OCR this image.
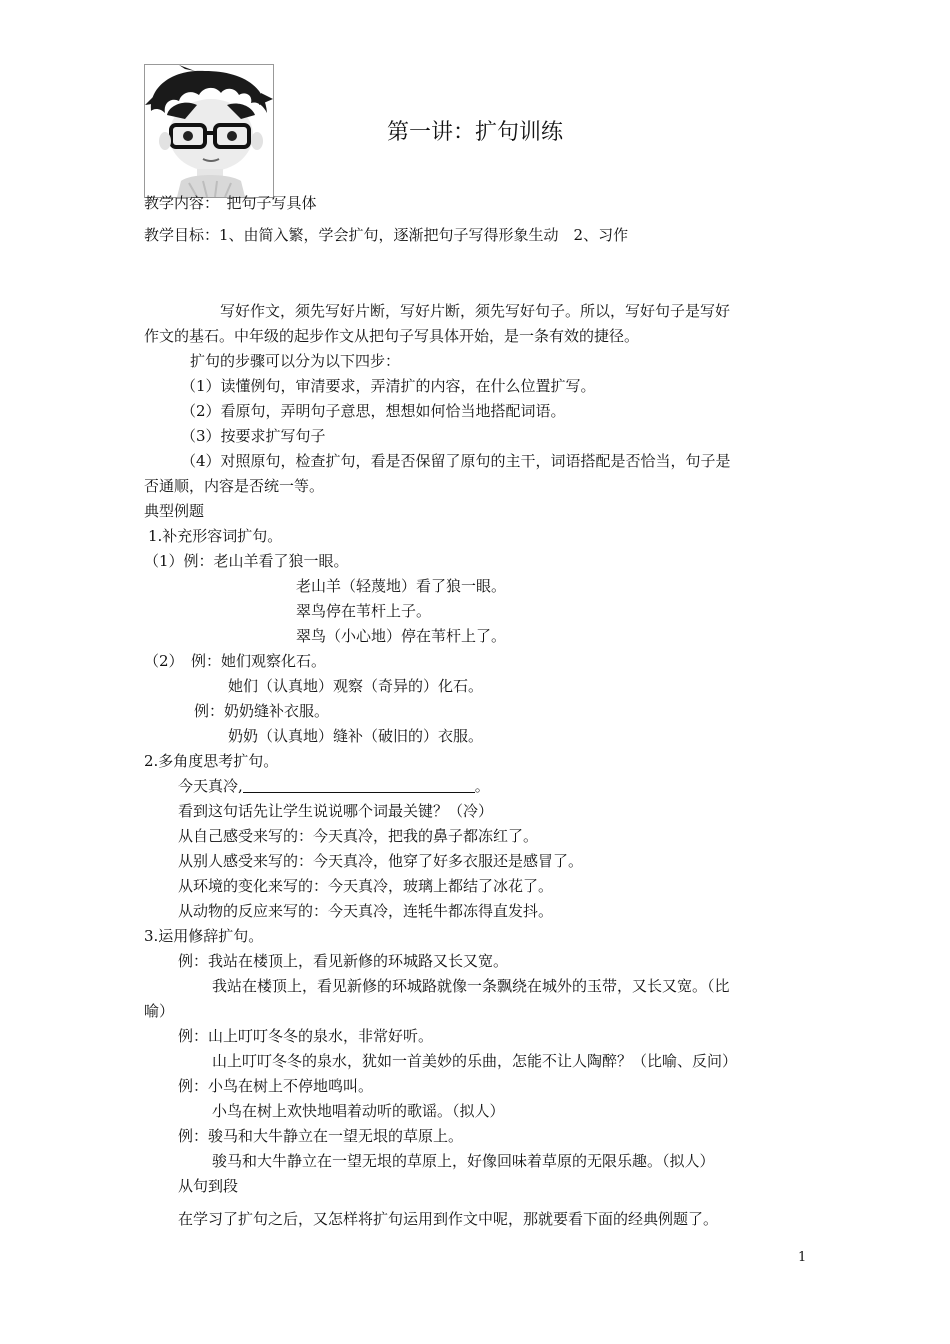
第一讲：扩句训练
教学内容：　把句子写具体
教学目标：1、由简入繁，学会扩句，逐渐把句子写得形象生动　2、习作
写好作文，须先写好片断，写好片断，须先写好句子。所以，写好句子是写好
作文的基石。中年级的起步作文从把句子写具体开始，是一条有效的捷径。
扩句的步骤可以分为以下四步：
（1）读懂例句，审清要求，弄清扩的内容，在什么位置扩写。
（2）看原句，弄明句子意思，想想如何恰当地搭配词语。
（3）按要求扩写句子
（4）对照原句，检查扩句，看是否保留了原句的主干，词语搭配是否恰当，句子是
否通顺，内容是否统一等。
典型例题
1.补充形容词扩句。
（1）例：老山羊看了狼一眼。
老山羊（轻蔑地）看了狼一眼。
翠鸟停在苇杆上子。
翠鸟（小心地）停在苇杆上了。
（2）　例：她们观察化石。
她们（认真地）观察（奇异的）化石。
例：奶奶缝补衣服。
奶奶（认真地）缝补（破旧的）衣服。
2.多角度思考扩句。
今天真冷,	。
看到这句话先让学生说说哪个词最关键？（冷）
从自己感受来写的：今天真冷，把我的鼻子都冻红了。
从别人感受来写的：今天真冷，他穿了好多衣服还是感冒了。
从环境的变化来写的：今天真冷，玻璃上都结了冰花了。
从动物的反应来写的：今天真冷，连牦牛都冻得直发抖。
3.运用修辞扩句。
例：我站在楼顶上，看见新修的环城路又长又宽。
我站在楼顶上，看见新修的环城路就像一条飘绕在城外的玉带，又长又宽。（比
喻）
例：山上叮叮冬冬的泉水，非常好听。
山上叮叮冬冬的泉水，犹如一首美妙的乐曲，怎能不让人陶醉？（比喻、反问）
例：小鸟在树上不停地鸣叫。
小鸟在树上欢快地唱着动听的歌谣。（拟人）
例：骏马和大牛静立在一望无垠的草原上。
骏马和大牛静立在一望无垠的草原上，好像回味着草原的无限乐趣。（拟人）
从句到段
在学习了扩句之后，又怎样将扩句运用到作文中呢，那就要看下面的经典例题了。
1
